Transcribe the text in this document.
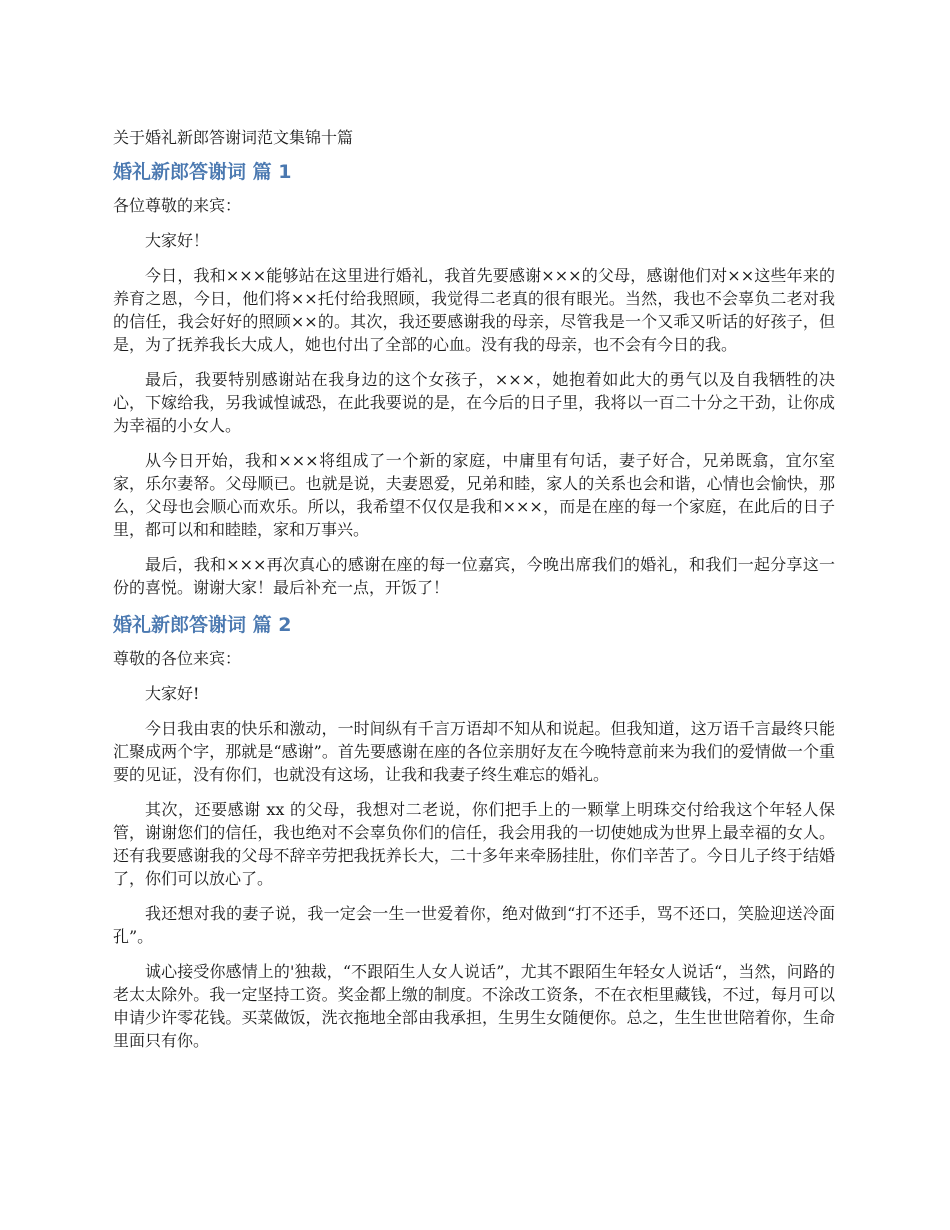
关于婚礼新郎答谢词范文集锦十篇
婚礼新郎答谢词 篇 1
各位尊敬的来宾：

大家好！

今日，我和×××能够站在这里进行婚礼，我首先要感谢×××的父母，感谢他们对××这些年来的养育之恩，今日，他们将××托付给我照顾，我觉得二老真的很有眼光。当然，我也不会辜负二老对我的信任，我会好好的照顾××的。其次，我还要感谢我的母亲，尽管我是一个又乖又听话的好孩子，但是，为了抚养我长大成人，她也付出了全部的心血。没有我的母亲，也不会有今日的我。

最后，我要特别感谢站在我身边的这个女孩子，×××，她抱着如此大的勇气以及自我牺牲的决心，下嫁给我，另我诚惶诚恐，在此我要说的是，在今后的日子里，我将以一百二十分之干劲，让你成为幸福的小女人。

从今日开始，我和×××将组成了一个新的家庭，中庸里有句话，妻子好合，兄弟既翕，宜尔室家，乐尔妻帑。父母顺已。也就是说，夫妻恩爱，兄弟和睦，家人的关系也会和谐，心情也会愉快，那么，父母也会顺心而欢乐。所以，我希望不仅仅是我和×××，而是在座的每一个家庭，在此后的日子里，都可以和和睦睦，家和万事兴。

最后，我和×××再次真心的感谢在座的每一位嘉宾，今晚出席我们的婚礼，和我们一起分享这一份的喜悦。谢谢大家！最后补充一点，开饭了！

婚礼新郎答谢词 篇 2
尊敬的各位来宾：

大家好!

今日我由衷的快乐和激动，一时间纵有千言万语却不知从和说起。但我知道，这万语千言最终只能汇聚成两个字，那就是“感谢”。首先要感谢在座的各位亲朋好友在今晚特意前来为我们的爱情做一个重要的见证，没有你们，也就没有这场，让我和我妻子终生难忘的婚礼。

其次，还要感谢 xx 的父母，我想对二老说，你们把手上的一颗掌上明珠交付给我这个年轻人保管，谢谢您们的信任，我也绝对不会辜负你们的信任，我会用我的一切使她成为世界上最幸福的女人。还有我要感谢我的父母不辞辛劳把我抚养长大，二十多年来牵肠挂肚，你们辛苦了。今日儿子终于结婚了，你们可以放心了。

我还想对我的妻子说，我一定会一生一世爱着你，绝对做到“打不还手，骂不还口，笑脸迎送冷面孔”。

诚心接受你感情上的'独裁，“不跟陌生人女人说话”，尤其不跟陌生年轻女人说话“，当然，问路的老太太除外。我一定坚持工资。奖金都上缴的制度。不涂改工资条，不在衣柜里藏钱，不过，每月可以申请少许零花钱。买菜做饭，洗衣拖地全部由我承担，生男生女随便你。总之，生生世世陪着你，生命里面只有你。
